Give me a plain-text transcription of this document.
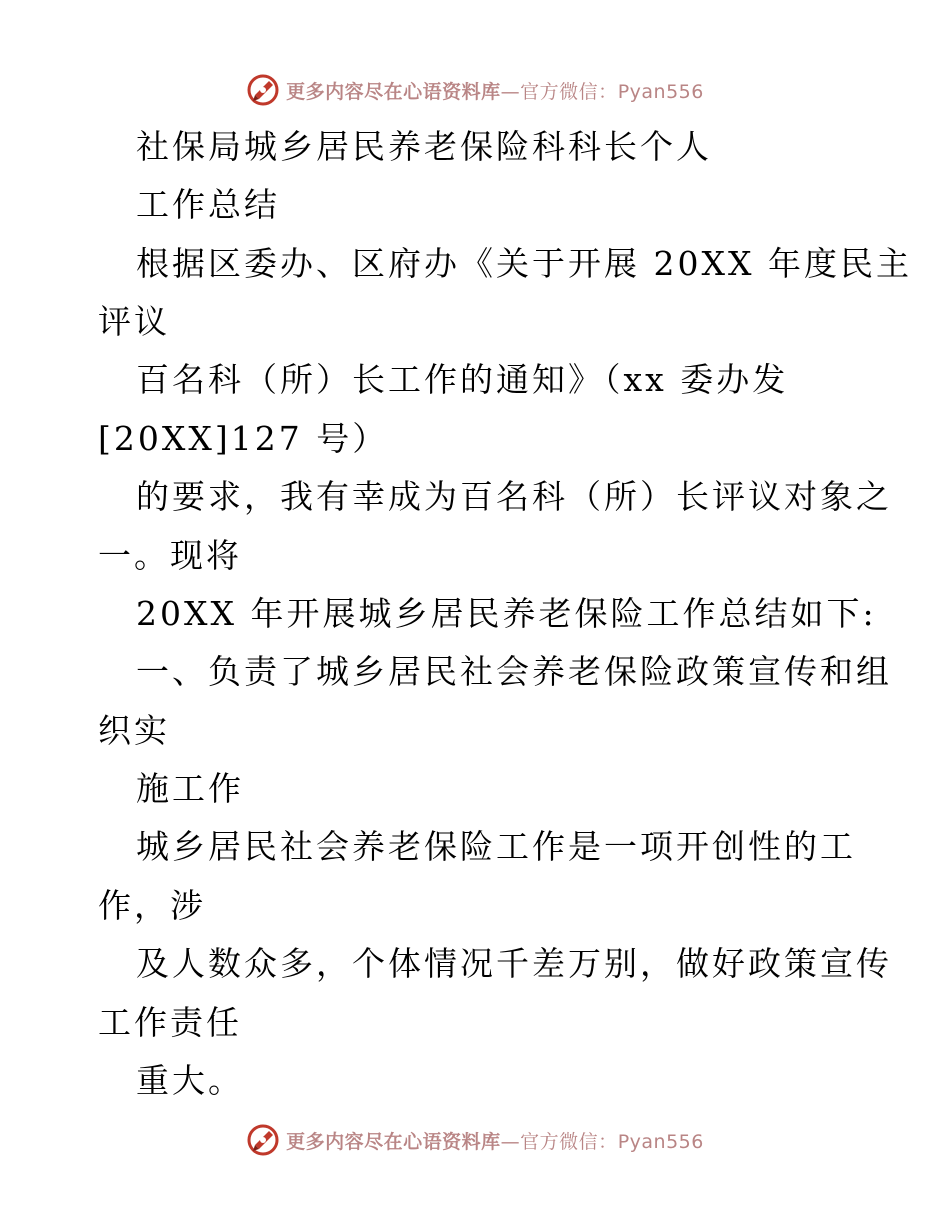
更多内容尽在心语资料库—官方微信：Pyan556
社保局城乡居民养老保险科科长个人
工作总结
根据区委办、区府办《关于开展 20XX 年度民主
评议
百名科（所）长工作的通知》（xx 委办发
[20XX]127 号）
的要求，我有幸成为百名科（所）长评议对象之
一。现将
20XX 年开展城乡居民养老保险工作总结如下:
一、负责了城乡居民社会养老保险政策宣传和组
织实
施工作
城乡居民社会养老保险工作是一项开创性的工
作，涉
及人数众多，个体情况千差万别，做好政策宣传
工作责任
重大。
更多内容尽在心语资料库—官方微信：Pyan556
